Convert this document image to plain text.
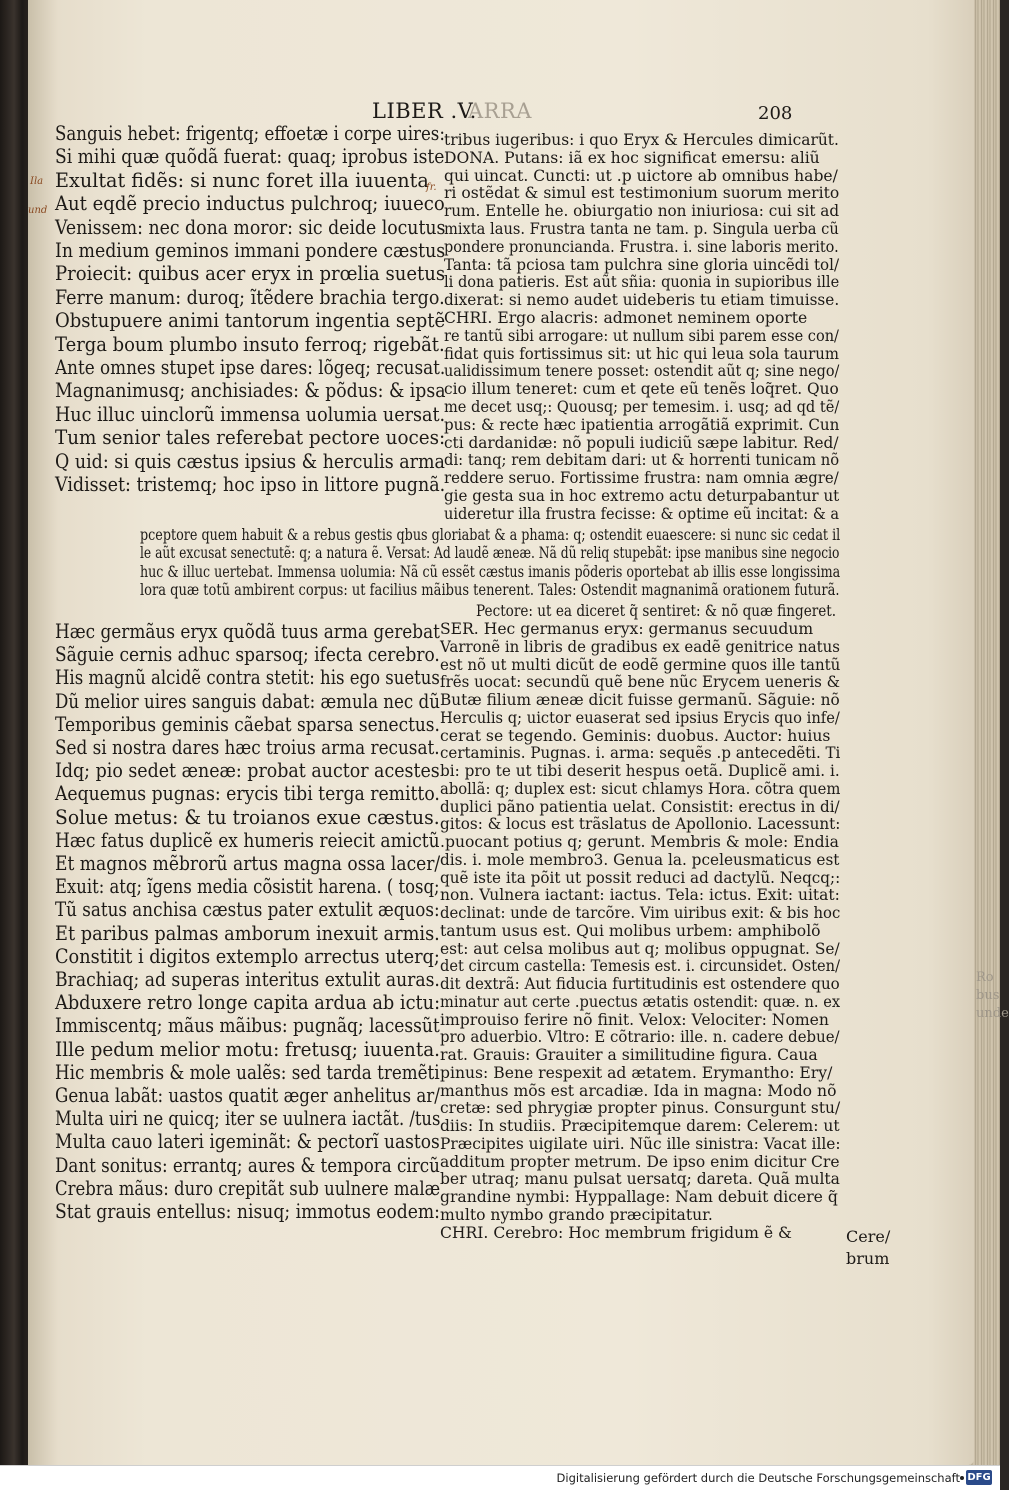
LIBER .V.
ARRA	208
Sanguis hebet: frigentq; effoetæ i corpe uires:
Si mihi quæ quõdã fuerat: quaq; iprobus iste
Exultat fidẽs: si nunc foret illa iuuenta
Aut eqdẽ precio inductus pulchroq; iuueco
Venissem: nec dona moror: sic deide locutus
In medium geminos immani pondere cæstus
Proiecit: quibus acer eryx in prœlia suetus
Ferre manum: duroq; ĩtẽdere brachia tergo.
Obstupuere animi tantorum ingentia septẽ
Terga boum plumbo insuto ferroq; rigebãt.
Ante omnes stupet ipse dares: lõgeq; recusat.
Magnanimusq; anchisiades: & põdus: & ipsa
Huc illuc uinclorũ immensa uolumia uersat.
Tum senior tales referebat pectore uoces:
Q uid: si quis cæstus ipsius & herculis arma
Vidisset: tristemq; hoc ipso in littore pugnã.
tribus iugeribus: i quo Eryx & Hercules dimicarũt.
DONA. Putans: iã ex hoc significat emersu: aliũ
qui uincat. Cuncti: ut .p uictore ab omnibus habe/
ri ostẽdat & simul est testimonium suorum merito
rum. Entelle he. obiurgatio non iniuriosa: cui sit ad
mixta laus. Frustra tanta ne tam. p. Singula uerba cũ
pondere pronuncianda. Frustra. i. sine laboris merito.
Tanta: tã pciosa tam pulchra sine gloria uincẽdi tol/
li dona patieris. Est aũt sñia: quonia in supioribus ille
dixerat: si nemo audet uideberis tu etiam timuisse.
CHRI. Ergo alacris: admonet neminem oporte
re tantũ sibi arrogare: ut nullum sibi parem esse con/
fidat quis fortissimus sit: ut hic qui leua sola taurum
ualidissimum tenere posset: ostendit aũt q; sine nego/
cio illum teneret: cum et qete eũ tenẽs loq̃ret. Quo
me decet usq;: Quousq; per temesim. i. usq; ad qd tẽ/
pus: & recte hæc ipatientia arrogãtiã exprimit. Cun
cti dardanidæ: nõ populi iudiciũ sæpe labitur. Red/
di: tanq; rem debitam dari: ut & horrenti tunicam nõ
reddere seruo. Fortissime frustra: nam omnia ægre/
gie gesta sua in hoc extremo actu deturpabantur ut
uideretur illa frustra fecisse: & optime eũ incitat: & a
pceptore quem habuit & a rebus gestis qbus gloriabat & a phama: q; ostendit euaescere: si nunc sic cedat il
le aũt excusat senectutẽ: q; a natura ẽ. Versat: Ad laudẽ æneæ. Nã dũ reliq stupebãt: ipse manibus sine negocio
huc & illuc uertebat. Immensa uolumia: Nã cũ essẽt cæstus imanis põderis oportebat ab illis esse longissima
lora quæ totũ ambirent corpus: ut facilius mãibus tenerent. Tales: Ostendit magnanimã orationem futurã.
Pectore: ut ea diceret q̃ sentiret: & nõ quæ fingeret.
Hæc germãus eryx quõdã tuus arma gerebat
Sãguie cernis adhuc sparsoq; ifecta cerebro.
His magnũ alcidẽ contra stetit: his ego suetus
Dũ melior uires sanguis dabat: æmula nec dũ
Temporibus geminis cãebat sparsa senectus.
Sed si nostra dares hæc troius arma recusat.
Idq; pio sedet æneæ: probat auctor acestes
Aequemus pugnas: erycis tibi terga remitto.
Solue metus: & tu troianos exue cæstus.
Hæc fatus duplicẽ ex humeris reiecit amictũ
Et magnos mẽbrorũ artus magna ossa lacer/
Exuit: atq; ĩgens media cõsistit harena. ( tosq;
Tũ satus anchisa cæstus pater extulit æquos:
Et paribus palmas amborum inexuit armis.
Constitit i digitos extemplo arrectus uterq;
Brachiaq; ad superas interitus extulit auras.
Abduxere retro longe capita ardua ab ictu:
Immiscentq; mãus mãibus: pugnãq; lacessũt
Ille pedum melior motu: fretusq; iuuenta.
Hic membris & mole ualẽs: sed tarda tremẽti
Genua labãt: uastos quatit æger anhelitus ar/
Multa uiri ne quicq; iter se uulnera iactãt. /tus
Multa cauo lateri igeminãt: & pectorĩ uastos
Dant sonitus: errantq; aures & tempora circũ
Crebra mãus: duro crepitãt sub uulnere malæ
Stat grauis entellus: nisuq; immotus eodem:
SER. Hec germanus eryx: germanus secuudum
Varronẽ in libris de gradibus ex eadẽ genitrice natus
est nõ ut multi dicũt de eodẽ germine quos ille tantũ
frẽs uocat: secundũ quẽ bene nũc Erycem ueneris &
Butæ filium æneæ dicit fuisse germanũ. Sãguie: nõ
Herculis q; uictor euaserat sed ipsius Erycis quo infe/
cerat se tegendo. Geminis: duobus. Auctor: huius
certaminis. Pugnas. i. arma: sequẽs .p antecedẽti. Ti
bi: pro te ut tibi deserit hespus oetã. Duplicẽ ami. i.
abollã: q; duplex est: sicut chlamys Hora. cõtra quem
duplici pãno patientia uelat. Consistit: erectus in di/
gitos: & locus est trãslatus de Apollonio. Lacessunt:
.puocant potius q; gerunt. Membris & mole: Endia
dis. i. mole membro3. Genua la. pceleusmaticus est
quẽ iste ita põit ut possit reduci ad dactylũ. Neqcq;:
non. Vulnera iactant: iactus. Tela: ictus. Exit: uitat:
declinat: unde de tarcõre. Vim uiribus exit: & bis hoc
tantum usus est. Qui molibus urbem: amphibolõ
est: aut celsa molibus aut q; molibus oppugnat. Se/
det circum castella: Temesis est. i. circunsidet. Osten/
dit dextrã: Aut fiducia furtitudinis est ostendere quo
minatur aut certe .puectus ætatis ostendit: quæ. n. ex
improuiso ferire nõ finit. Velox: Velociter: Nomen
pro aduerbio. Vltro: E cõtrario: ille. n. cadere debue/
rat. Grauis: Grauiter a similitudine figura. Caua
pinus: Bene respexit ad ætatem. Erymantho: Ery/
manthus mõs est arcadiæ. Ida in magna: Modo nõ
cretæ: sed phrygiæ propter pinus. Consurgunt stu/
diis: In studiis. Præcipitemque darem: Celerem: ut
Præcipites uigilate uiri. Nũc ille sinistra: Vacat ille:
additum propter metrum. De ipso enim dicitur Cre
ber utraq; manu pulsat uersatq; dareta. Quã multa
grandine nymbi: Hyppallage: Nam debuit dicere q̃
multo nymbo grando præcipitatur.
CHRI. Cerebro: Hoc membrum frigidum ẽ &	Cere/
brum
Ro
bus
unde
Ila
und
fr.
Digitalisierung gefördert durch die Deutsche Forschungsgemeinschaft DFG
